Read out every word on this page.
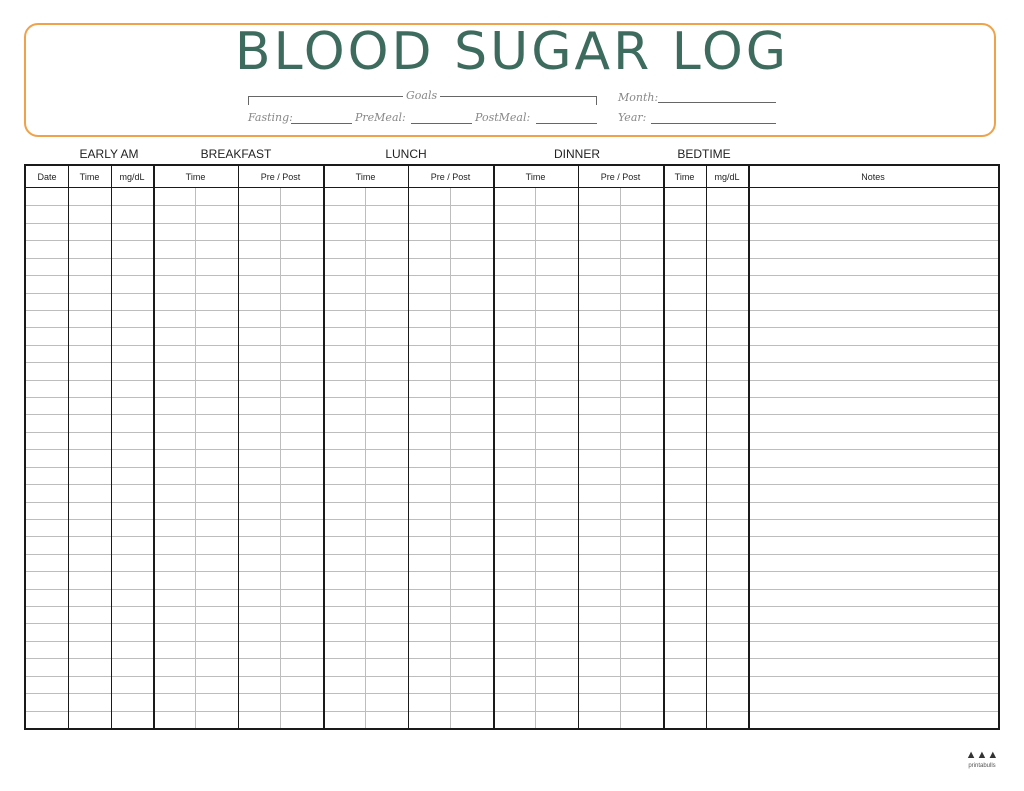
BLOOD SUGAR LOG
Goals
Fasting:	PreMeal:	PostMeal:
Month:
Year:
EARLY AM	BREAKFAST	LUNCH	DINNER	BEDTIME
Date	Time	mg/dL	Time	Pre / Post	Time	Pre / Post	Time	Pre / Post	Time	mg/dL	Notes
▲▲▲
printabulls
